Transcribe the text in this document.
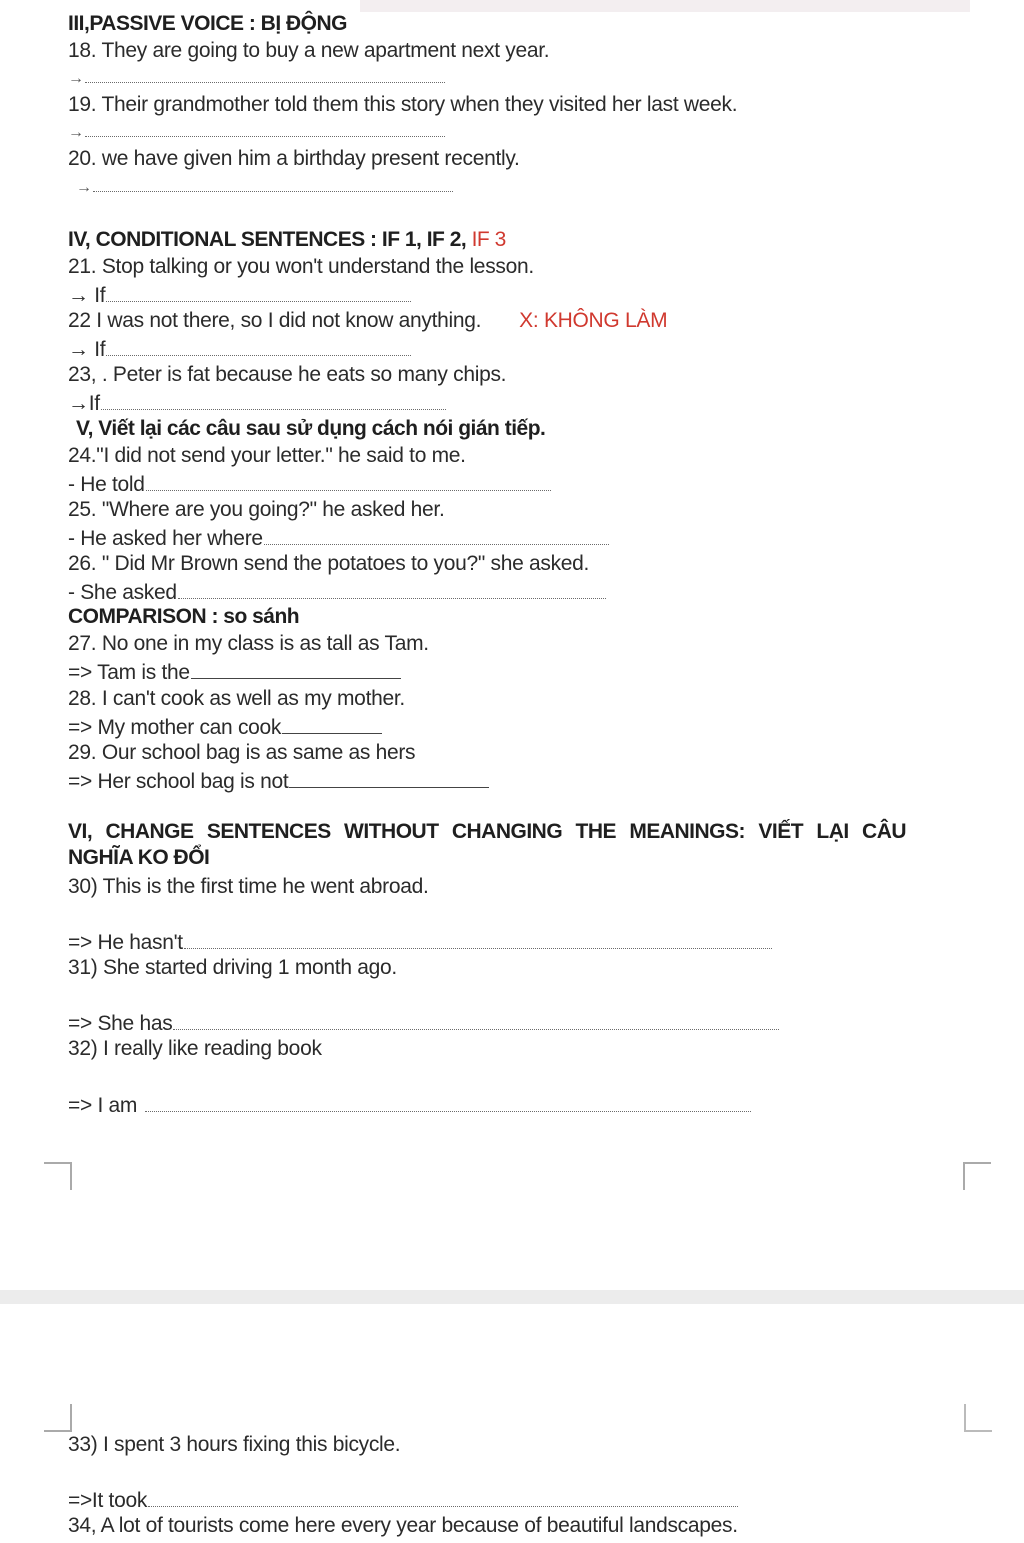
III,PASSIVE VOICE : BỊ ĐỘNG
18. They are going to buy a new apartment next year.
→
19. Their grandmother told them this story when they visited her last week.
→
20. we have given him a birthday present recently.
→
IV, CONDITIONAL SENTENCES : IF 1, IF 2, IF 3
21. Stop talking or you won't understand the lesson.
→ If
22 I was not there, so I did not know anything. X: KHÔNG LÀM
→ If
23, . Peter is fat because he eats so many chips.
→If
V, Viết lại các câu sau sử dụng cách nói gián tiếp.
24."I did not send your letter." he said to me.
- He told
25. "Where are you going?" he asked her.
- He asked her where
26. " Did Mr Brown send the potatoes to you?" she asked.
- She asked
COMPARISON : so sánh
27. No one in my class is as tall as Tam.
=> Tam is the
28. I can't cook as well as my mother.
=> My mother can cook
29. Our school bag is as same as hers
=> Her school bag is not
VI, CHANGE SENTENCES WITHOUT CHANGING THE MEANINGS: VIẾT LẠI CÂU
NGHĨA KO ĐỔI
30) This is the first time he went abroad.
=> He hasn't
31) She started driving 1 month ago.
=> She has
32) I really like reading book
=> I am
33) I spent 3 hours fixing this bicycle.
=>It took
34, A lot of tourists come here every year because of beautiful landscapes.
